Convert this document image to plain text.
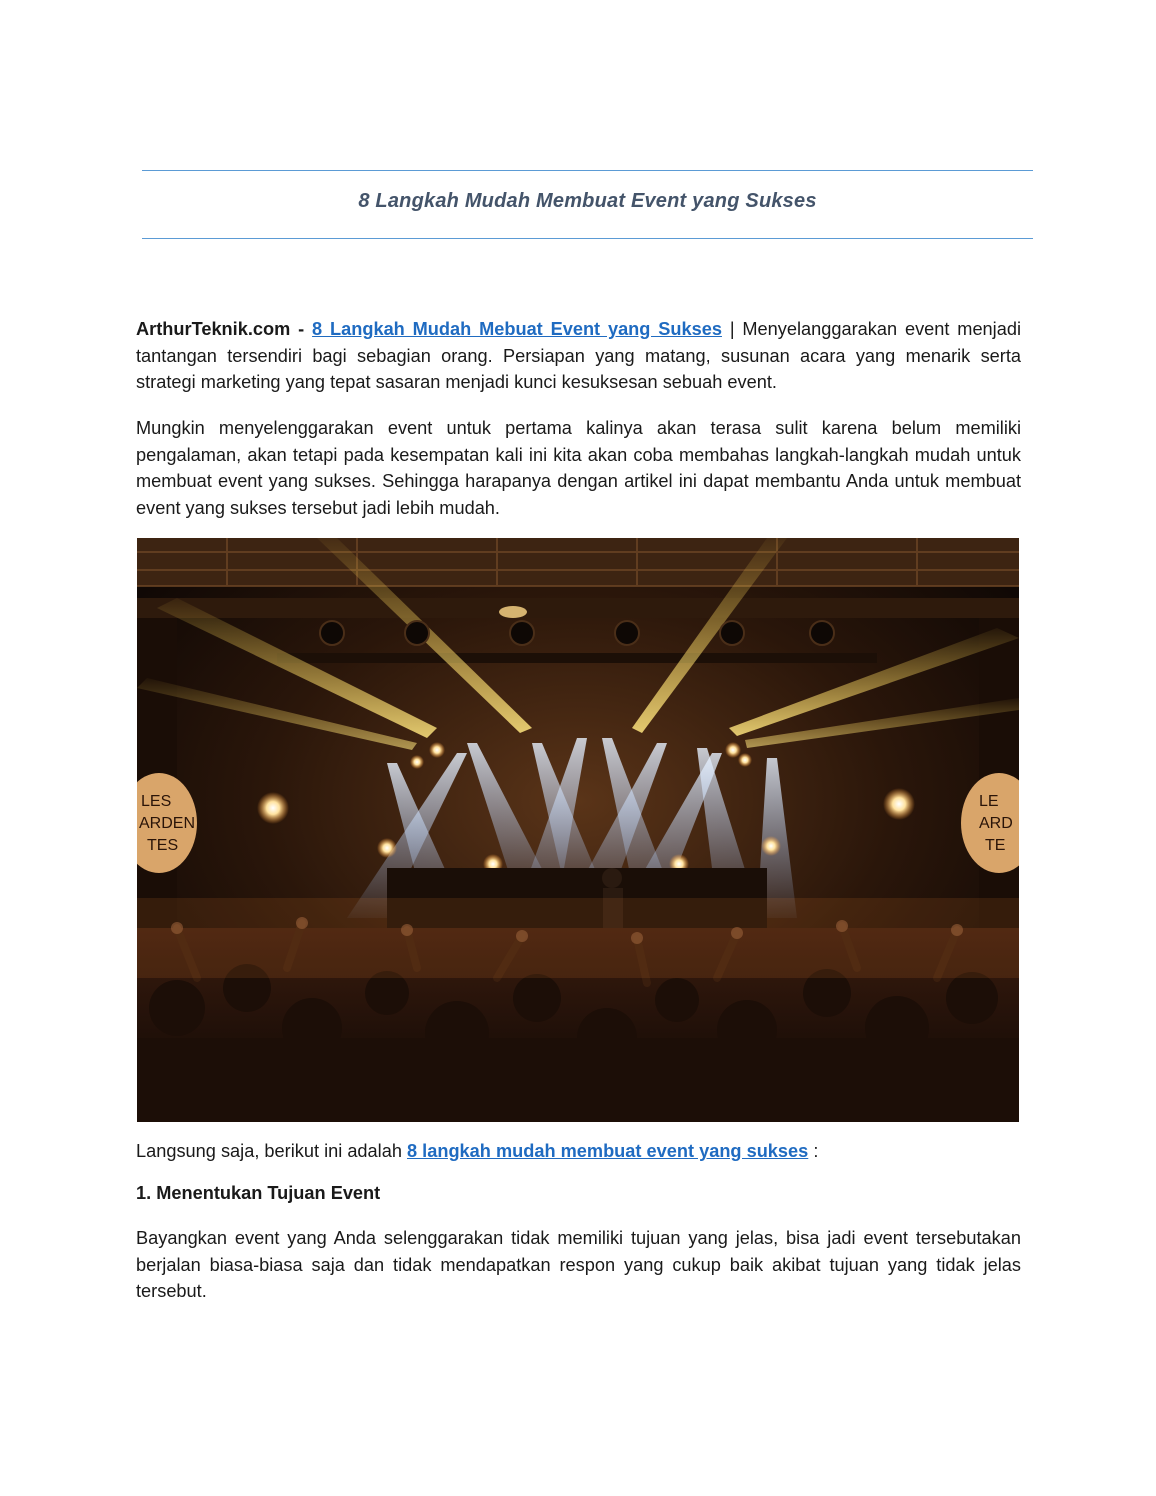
8 Langkah Mudah Membuat Event yang Sukses
ArthurTeknik.com - 8 Langkah Mudah Mebuat Event yang Sukses | Menyelanggarakan event menjadi tantangan tersendiri bagi sebagian orang. Persiapan yang matang, susunan acara yang menarik serta strategi marketing yang tepat sasaran menjadi kunci kesuksesan sebuah event.
Mungkin menyelenggarakan event untuk pertama kalinya akan terasa sulit karena belum memiliki pengalaman, akan tetapi pada kesempatan kali ini kita akan coba membahas langkah-langkah mudah untuk membuat event yang sukses. Sehingga harapanya dengan artikel ini dapat membantu Anda untuk membuat event yang sukses tersebut jadi lebih mudah.
LES
ARDEN
TES
LE
ARD
TE
Langsung saja, berikut ini adalah 8 langkah mudah membuat event yang sukses :
1. Menentukan Tujuan Event
Bayangkan event yang Anda selenggarakan tidak memiliki tujuan yang jelas, bisa jadi event tersebutakan berjalan biasa-biasa saja dan tidak mendapatkan respon yang cukup baik akibat tujuan yang tidak jelas tersebut.
